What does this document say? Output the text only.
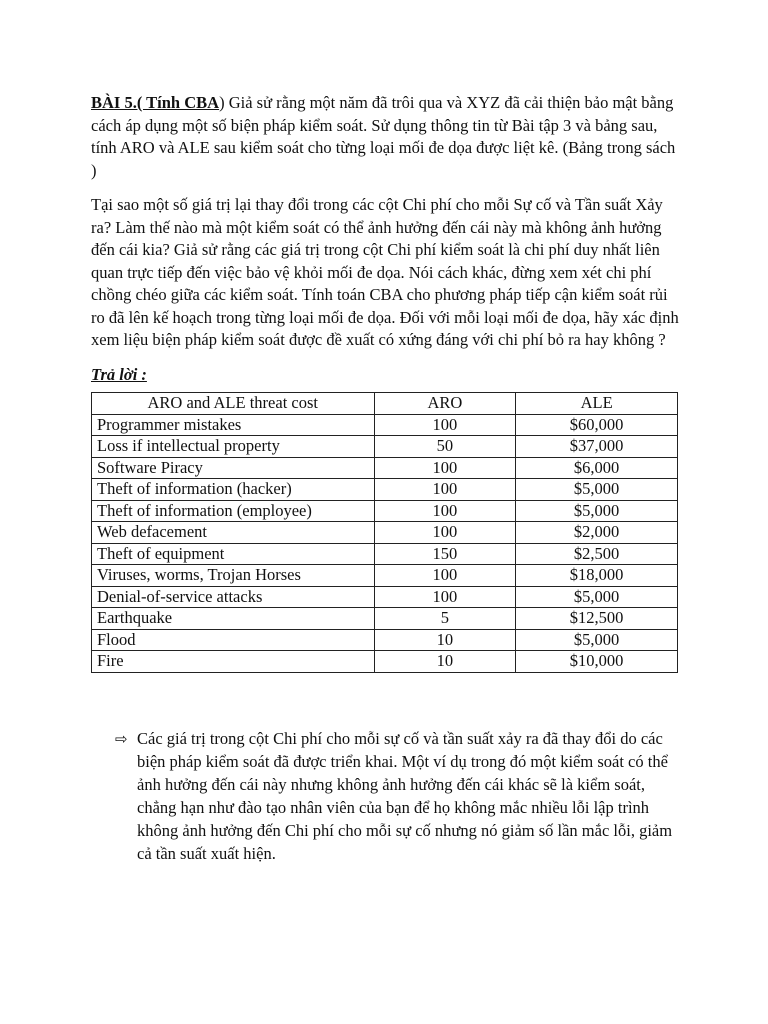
BÀI 5.( Tính CBA) Giả sử rằng một năm đã trôi qua và XYZ đã cải thiện bảo mật bằng cách áp dụng một số biện pháp kiểm soát. Sử dụng thông tin từ Bài tập 3 và bảng sau, tính ARO và ALE sau kiểm soát cho từng loại mối đe dọa được liệt kê. (Bảng trong sách )

Tại sao một số giá trị lại thay đổi trong các cột Chi phí cho mỗi Sự cố và Tần suất Xảy ra? Làm thế nào mà một kiểm soát có thể ảnh hưởng đến cái này mà không ảnh hưởng đến cái kia? Giả sử rằng các giá trị trong cột Chi phí kiểm soát là chi phí duy nhất liên quan trực tiếp đến việc bảo vệ khỏi mối đe dọa. Nói cách khác, đừng xem xét chi phí chồng chéo giữa các kiểm soát. Tính toán CBA cho phương pháp tiếp cận kiểm soát rủi ro đã lên kế hoạch trong từng loại mối đe dọa. Đối với mỗi loại mối đe dọa, hãy xác định xem liệu biện pháp kiểm soát được đề xuất có xứng đáng với chi phí bỏ ra hay không ?

Trả lời :

ARO and ALE threat cost	ARO	ALE
Programmer mistakes	100	$60,000
Loss if intellectual property	50	$37,000
Software Piracy	100	$6,000
Theft of information (hacker)	100	$5,000
Theft of information (employee)	100	$5,000
Web defacement	100	$2,000
Theft of equipment	150	$2,500
Viruses, worms, Trojan Horses	100	$18,000
Denial-of-service attacks	100	$5,000
Earthquake	5	$12,500
Flood	10	$5,000
Fire	10	$10,000
⇨ Các giá trị trong cột Chi phí cho mỗi sự cố và tần suất xảy ra đã thay đổi do các biện pháp kiểm soát đã được triển khai. Một ví dụ trong đó một kiểm soát có thể ảnh hưởng đến cái này nhưng không ảnh hưởng đến cái khác sẽ là kiểm soát, chẳng hạn như đào tạo nhân viên của bạn để họ không mắc nhiều lỗi lập trình không ảnh hưởng đến Chi phí cho mỗi sự cố nhưng nó giảm số lần mắc lỗi, giảm cả tần suất xuất hiện.
